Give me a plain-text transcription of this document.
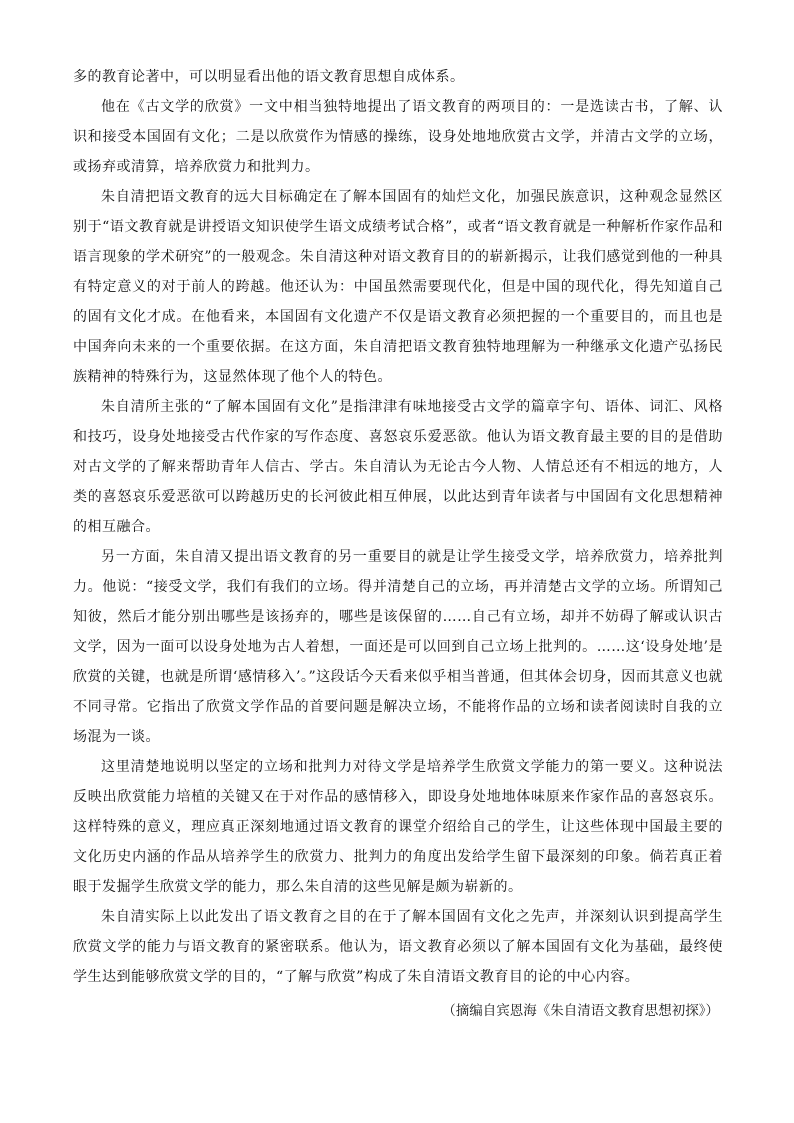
多的教育论著中，可以明显看出他的语文教育思想自成体系。

他在《古文学的欣赏》一文中相当独特地提出了语文教育的两项目的：一是选读古书，了解、认识和接受本国固有文化；二是以欣赏作为情感的操练，设身处地地欣赏古文学，并清古文学的立场，或扬弃或清算，培养欣赏力和批判力。

朱自清把语文教育的远大目标确定在了解本国固有的灿烂文化，加强民族意识，这种观念显然区别于“语文教育就是讲授语文知识使学生语文成绩考试合格”，或者“语文教育就是一种解析作家作品和语言现象的学术研究”的一般观念。朱自清这种对语文教育目的的崭新揭示，让我们感觉到他的一种具有特定意义的对于前人的跨越。他还认为：中国虽然需要现代化，但是中国的现代化，得先知道自己的固有文化才成。在他看来，本国固有文化遗产不仅是语文教育必须把握的一个重要目的，而且也是中国奔向未来的一个重要依据。在这方面，朱自清把语文教育独特地理解为一种继承文化遗产弘扬民族精神的特殊行为，这显然体现了他个人的特色。

朱自清所主张的“了解本国固有文化”是指津津有味地接受古文学的篇章字句、语体、词汇、风格和技巧，设身处地接受古代作家的写作态度、喜怒哀乐爱恶欲。他认为语文教育最主要的目的是借助对古文学的了解来帮助青年人信古、学古。朱自清认为无论古今人物、人情总还有不相远的地方，人类的喜怒哀乐爱恶欲可以跨越历史的长河彼此相互伸展，以此达到青年读者与中国固有文化思想精神的相互融合。

另一方面，朱自清又提出语文教育的另一重要目的就是让学生接受文学，培养欣赏力，培养批判力。他说：“接受文学，我们有我们的立场。得并清楚自己的立场，再并清楚古文学的立场。所谓知己知彼，然后才能分别出哪些是该扬弃的，哪些是该保留的……自己有立场，却并不妨碍了解或认识古文学，因为一面可以设身处地为古人着想，一面还是可以回到自己立场上批判的。……这‘设身处地’是欣赏的关键，也就是所谓‘感情移入’。”这段话今天看来似乎相当普通，但其体会切身，因而其意义也就不同寻常。它指出了欣赏文学作品的首要问题是解决立场，不能将作品的立场和读者阅读时自我的立场混为一谈。

这里清楚地说明以坚定的立场和批判力对待文学是培养学生欣赏文学能力的第一要义。这种说法反映出欣赏能力培植的关键又在于对作品的感情移入，即设身处地地体味原来作家作品的喜怒哀乐。这样特殊的意义，理应真正深刻地通过语文教育的课堂介绍给自己的学生，让这些体现中国最主要的文化历史内涵的作品从培养学生的欣赏力、批判力的角度出发给学生留下最深刻的印象。倘若真正着眼于发掘学生欣赏文学的能力，那么朱自清的这些见解是颇为崭新的。

朱自清实际上以此发出了语文教育之目的在于了解本国固有文化之先声，并深刻认识到提高学生欣赏文学的能力与语文教育的紧密联系。他认为，语文教育必须以了解本国固有文化为基础，最终使学生达到能够欣赏文学的目的，“了解与欣赏”构成了朱自清语文教育目的论的中心内容。

（摘编自宾恩海《朱自清语文教育思想初探》）
